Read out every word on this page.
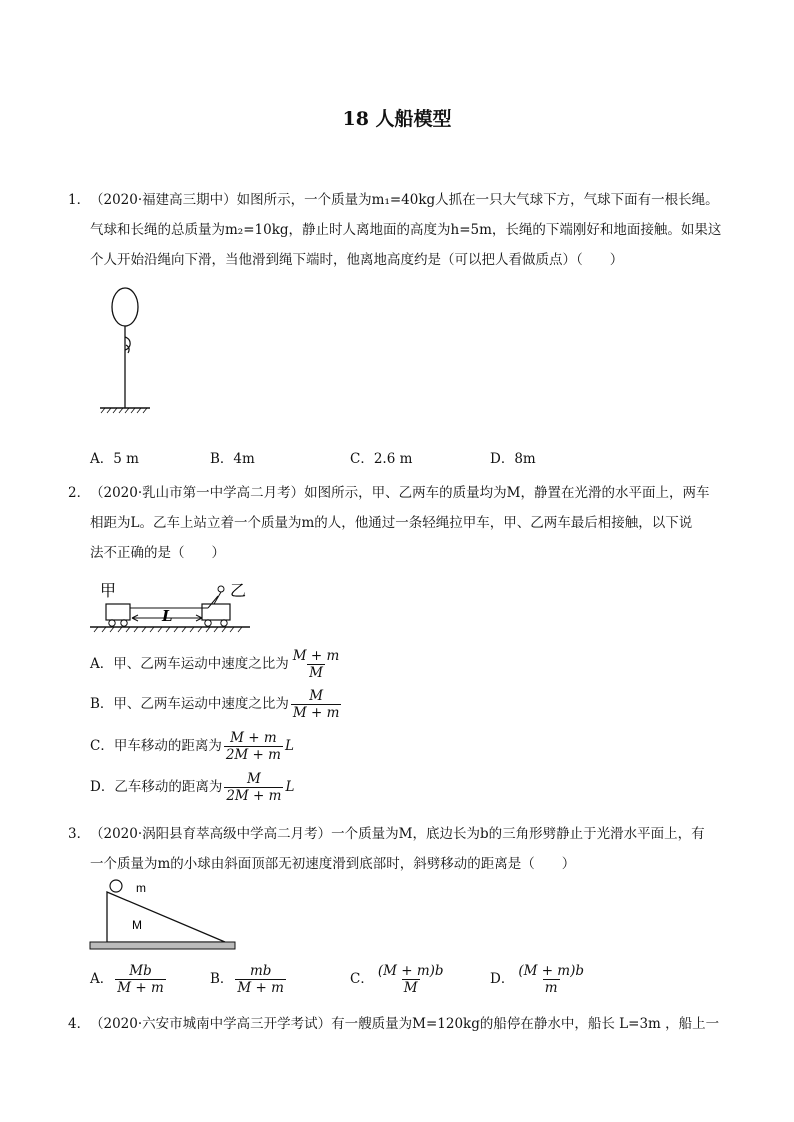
18 人船模型
1． （2020·福建高三期中）如图所示，一个质量为m₁=40kg人抓在一只大气球下方，气球下面有一根长绳。
气球和长绳的总质量为m₂=10kg，静止时人离地面的高度为h=5m，长绳的下端刚好和地面接触。如果这
个人开始沿绳向下滑，当他滑到绳下端时，他离地高度约是（可以把人看做质点）（　　）
A．5 m	B．4m	C．2.6 m	D．8m
2． （2020·乳山市第一中学高二月考）如图所示，甲、乙两车的质量均为M，静置在光滑的水平面上，两车
相距为L。乙车上站立着一个质量为m的人，他通过一条轻绳拉甲车，甲、乙两车最后相接触，以下说
法不正确的是（　　）
甲	乙
L
A．甲、乙两车运动中速度之比为 $\frac{M + m}{M}$
B．甲、乙两车运动中速度之比为 $\frac{M}{M + m}$
C．甲车移动的距离为 $\frac{M + m}{2M + m}$ L
D．乙车移动的距离为 $\frac{M}{2M + m}$ L
3． （2020·涡阳县育萃高级中学高二月考）一个质量为M，底边长为b的三角形劈静止于光滑水平面上，有
一个质量为m的小球由斜面顶部无初速度滑到底部时，斜劈移动的距离是（　　）
m
M
A． $\frac{Mb}{M + m}$	B． $\frac{mb}{M + m}$	C． $\frac{(M + m)b}{M}$	D． $\frac{(M + m)b}{m}$
4． （2020·六安市城南中学高三开学考试）有一艘质量为M=120kg的船停在静水中，船长 L=3m ，船上一
